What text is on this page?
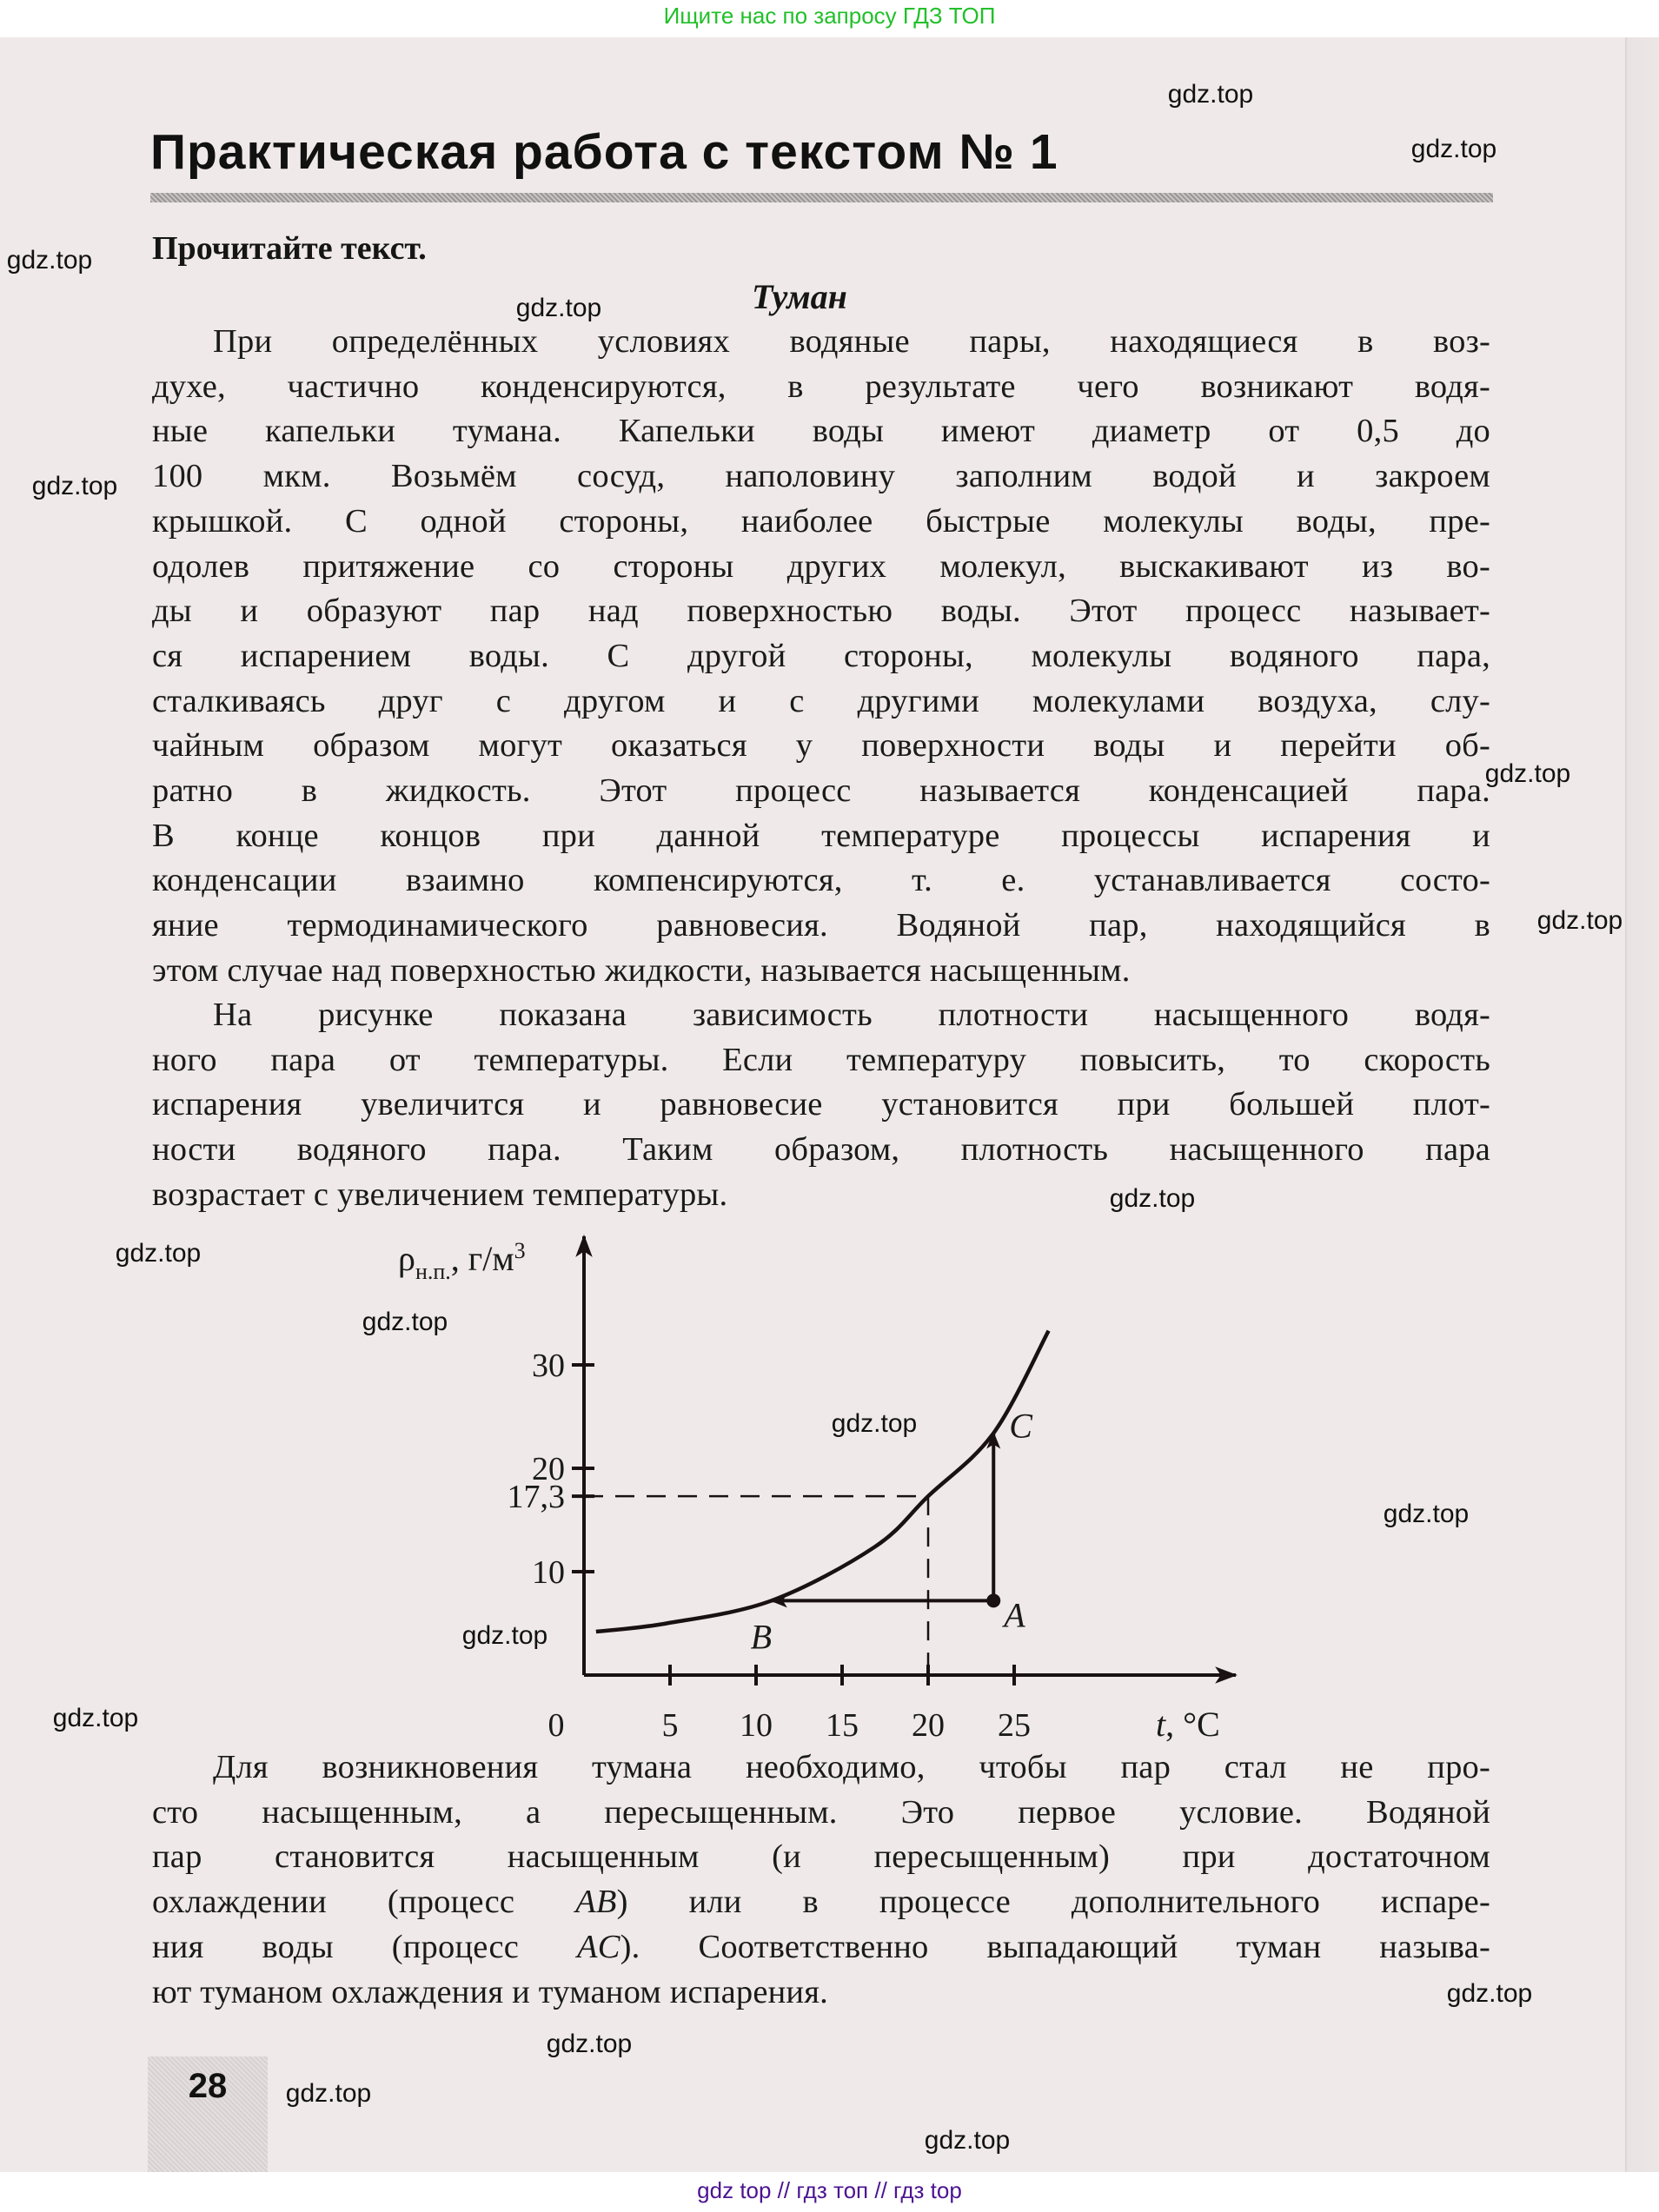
Ищите нас по запросу ГДЗ ТОП
Практическая работа с текстом № 1
Прочитайте текст.
Туман
При определённых условиях водяные пары, находящиеся в воз-
духе, частично конденсируются, в результате чего возникают водя-
ные капельки тумана. Капельки воды имеют диаметр от 0,5 до
100 мкм. Возьмём сосуд, наполовину заполним водой и закроем
крышкой. С одной стороны, наиболее быстрые молекулы воды, пре-
одолев притяжение со стороны других молекул, выскакивают из во-
ды и образуют пар над поверхностью воды. Этот процесс называет-
ся испарением воды. С другой стороны, молекулы водяного пара,
сталкиваясь друг с другом и с другими молекулами воздуха, слу-
чайным образом могут оказаться у поверхности воды и перейти об-
ратно в жидкость. Этот процесс называется конденсацией пара.
В конце концов при данной температуре процессы испарения и
конденсации взаимно компенсируются, т. е. устанавливается состо-
яние термодинамического равновесия. Водяной пар, находящийся в
этом случае над поверхностью жидкости, называется насыщенным.
На рисунке показана зависимость плотности насыщенного водя-
ного пара от температуры. Если температуру повысить, то скорость
испарения увеличится и равновесие установится при большей плот-
ности водяного пара. Таким образом, плотность насыщенного пара
возрастает с увеличением температуры.
Для возникновения тумана необходимо, чтобы пар стал не про-
сто насыщенным, а пересыщенным. Это первое условие. Водяной
пар становится насыщенным (и пересыщенным) при достаточном
охлаждении (процесс AB) или в процессе дополнительного испаре-
ния воды (процесс AC). Соответственно выпадающий туман называ-
ют туманом охлаждения и туманом испарения.
0	5 10 15 20 25
10
17,3
20
30
A
B
C
$\rho_{н.п.}$, $г/м^3$
t, °C
gdz.top
gdz.top
gdz.top
gdz.top
gdz.top
gdz.top
gdz.top
gdz.top
gdz.top
gdz.top
gdz.top
gdz.top
gdz.top
gdz.top
gdz.top
gdz.top
gdz.top
gdz.top
28
gdz top // гдз топ // гдз top
